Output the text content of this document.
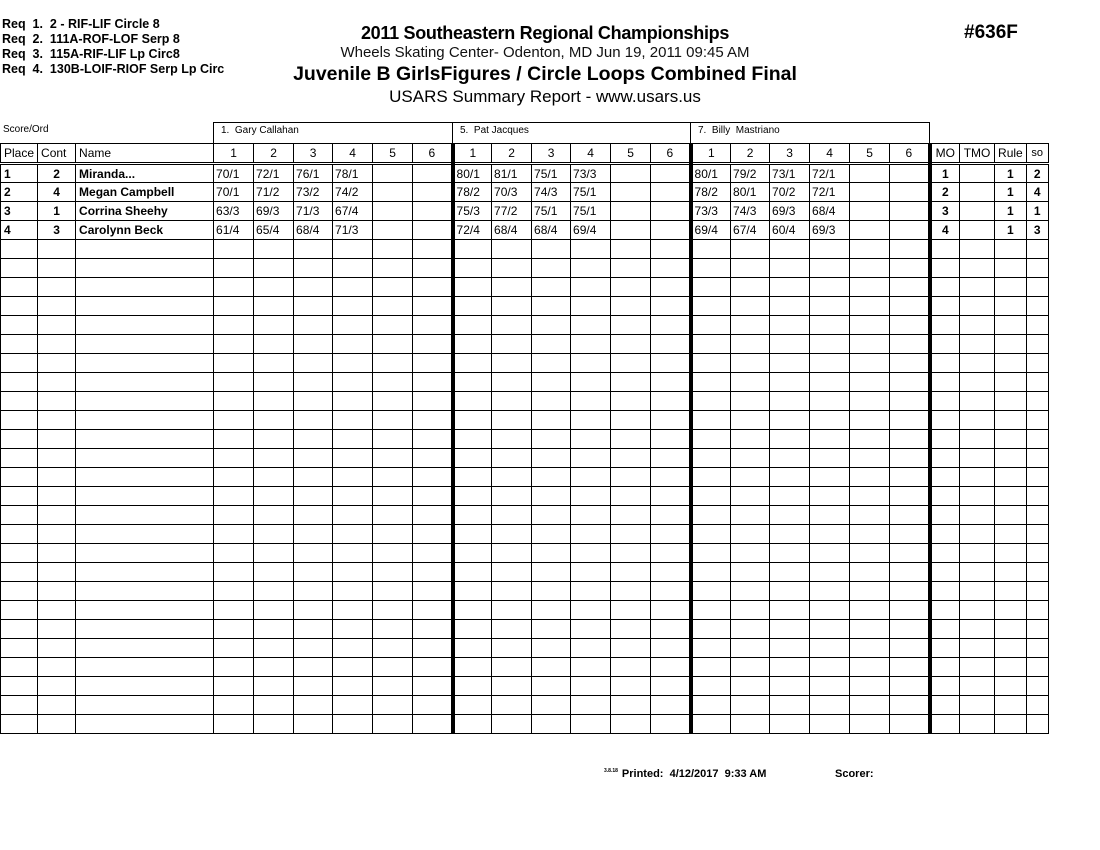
Req  1.  2 - RIF-LIF Circle 8
Req  2.  111A-ROF-LOF Serp 8
Req  3.  115A-RIF-LIF Lp Circ8
Req  4.  130B-LOIF-RIOF Serp Lp Circ
2011 Southeastern Regional Championships
Wheels Skating Center- Odenton, MD Jun 19, 2011 09:45 AM
Juvenile B GirlsFigures / Circle Loops Combined Final
USARS Summary Report - www.usars.us
#636F
Score/Ord	1.  Gary Callahan	5.  Pat Jacques	7.  Billy  Mastriano
Place	Cont	Name	1	2	3	4	5	6	1	2	3	4	5	6	1	2	3	4	5	6	MO	TMO	Rule	so
1	2	Miranda...	70/1	72/1	76/1	78/1			80/1	81/1	75/1	73/3			80/1	79/2	73/1	72/1			1		1	2
2	4	Megan Campbell	70/1	71/2	73/2	74/2			78/2	70/3	74/3	75/1			78/2	80/1	70/2	72/1			2		1	4
3	1	Corrina Sheehy	63/3	69/3	71/3	67/4			75/3	77/2	75/1	75/1			73/3	74/3	69/3	68/4			3		1	1
4	3	Carolynn Beck	61/4	65/4	68/4	71/3			72/4	68/4	68/4	69/4			69/4	67/4	60/4	69/3			4		1	3

$^{3.8.18}$ Printed:  4/12/2017  9:33 AM	Scorer:
